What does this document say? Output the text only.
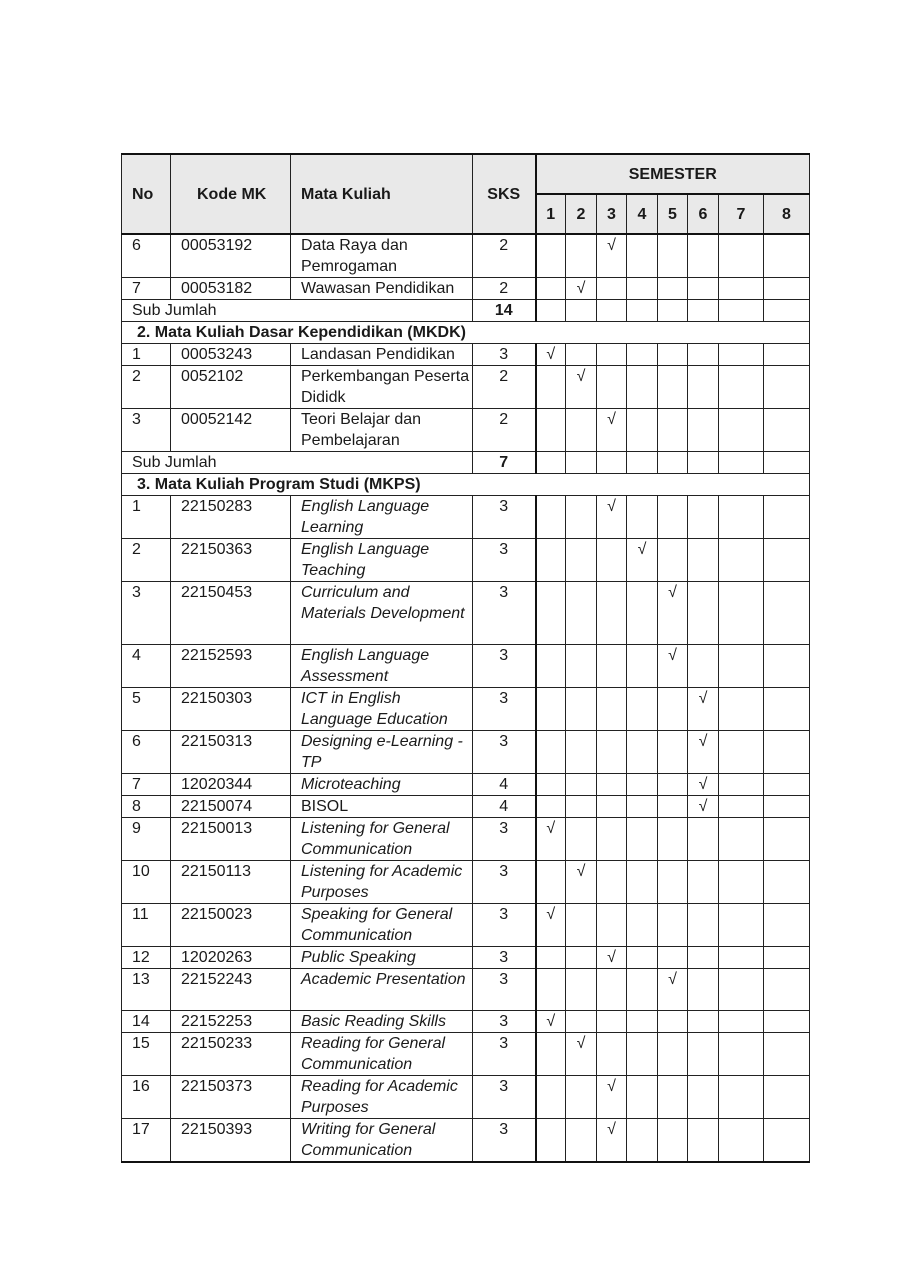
No	Kode MK	Mata Kuliah	SKS	SEMESTER							
				1	2	3	4	5	6	7	8
6	00053192	Data Raya dan Pemrogaman	2			√					
7	00053182	Wawasan Pendidikan	2		√						
Sub Jumlah			14								
2. Mata Kuliah Dasar Kependidikan (MKDK)											
1	00053243	Landasan Pendidikan	3	√							
2	0052102	Perkembangan Peserta Dididk	2		√						
3	00052142	Teori Belajar dan Pembelajaran	2			√					
Sub Jumlah			7								
3. Mata Kuliah Program Studi (MKPS)											
1	22150283	English Language Learning	3			√					
2	22150363	English Language Teaching	3				√				
3	22150453	Curriculum and Materials Development	3					√			
4	22152593	English Language Assessment	3					√			
5	22150303	ICT in English Language Education	3						√		
6	22150313	Designing e-Learning - TP	3						√		
7	12020344	Microteaching	4						√		
8	22150074	BISOL	4						√		
9	22150013	Listening for General Communication	3	√							
10	22150113	Listening for Academic Purposes	3		√						
11	22150023	Speaking for General Communication	3	√							
12	12020263	Public Speaking	3			√					
13	22152243	Academic Presentation	3					√			
14	22152253	Basic Reading Skills	3	√							
15	22150233	Reading for General Communication	3		√						
16	22150373	Reading for Academic Purposes	3			√					
17	22150393	Writing for General Communication	3			√					
